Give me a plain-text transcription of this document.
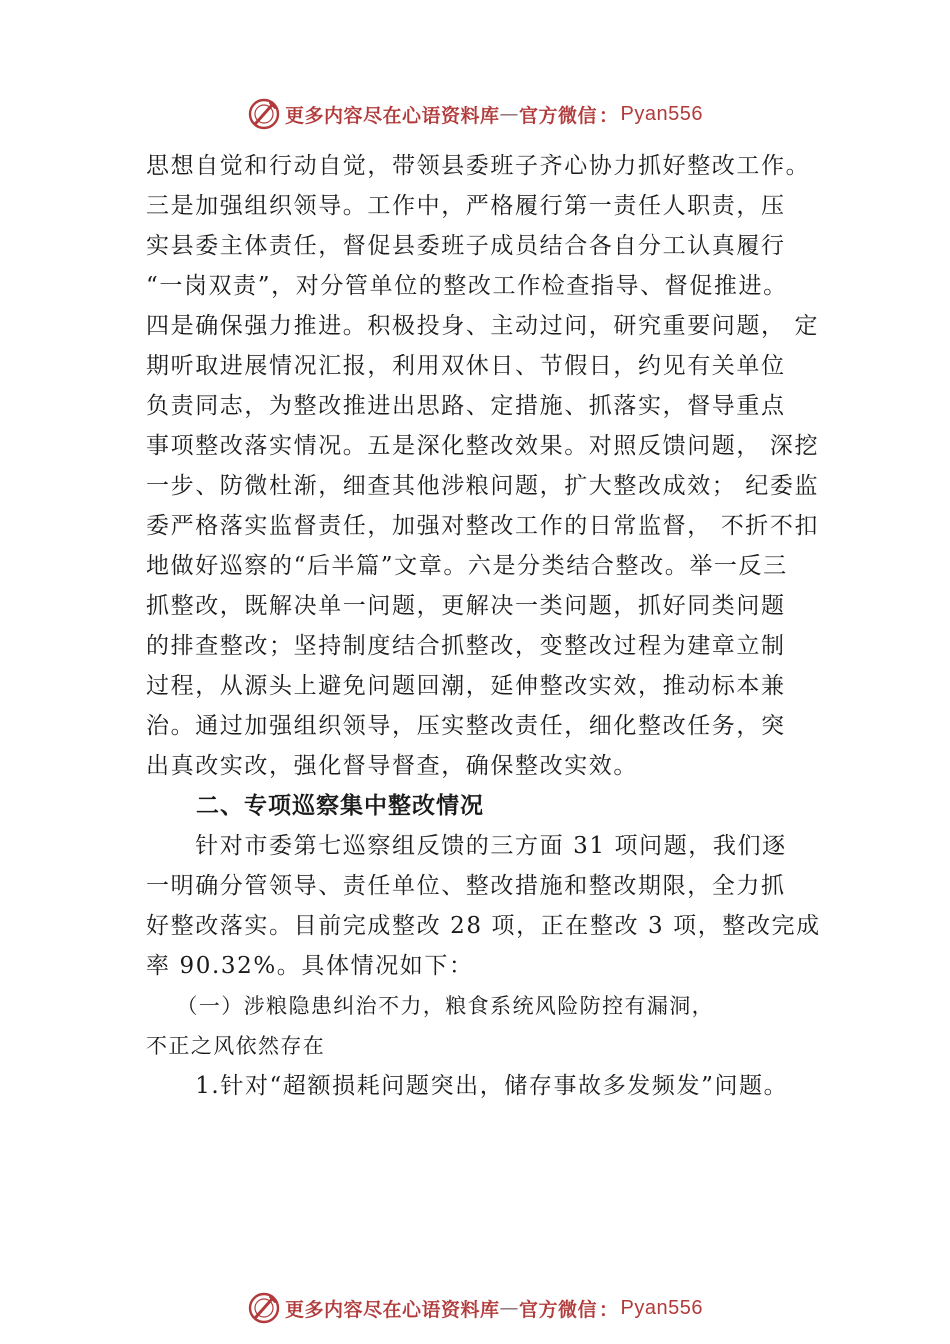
更多内容尽在心语资料库 — 官方微信 ： Pyan556
思想自觉和行动自觉，带领县委班子齐心协力抓好整改工作。
三是加强组织领导。工作中，严格履行第一责任人职责，压
实县委主体责任，督促县委班子成员结合各自分工认真履行
“一岗双责”，对分管单位的整改工作检查指导、督促推进。
四是确保强力推进。积极投身、主动过问，研究重要问题， 定
期听取进展情况汇报，利用双休日、节假日，约见有关单位
负责同志，为整改推进出思路、定措施、抓落实，督导重点
事项整改落实情况。五是深化整改效果。对照反馈问题， 深挖
一步、防微杜渐，细查其他涉粮问题，扩大整改成效； 纪委监
委严格落实监督责任，加强对整改工作的日常监督， 不折不扣
地做好巡察的“后半篇”文章。六是分类结合整改。举一反三
抓整改，既解决单一问题，更解决一类问题，抓好同类问题
的排查整改；坚持制度结合抓整改，变整改过程为建章立制
过程，从源头上避免问题回潮，延伸整改实效，推动标本兼
治。通过加强组织领导，压实整改责任，细化整改任务，突
出真改实改，强化督导督查，确保整改实效。
二、专项巡察集中整改情况
　　针对市委第七巡察组反馈的三方面 31 项问题，我们逐
一明确分管领导、责任单位、整改措施和整改期限，全力抓
好整改落实。目前完成整改 28 项，正在整改 3 项，整改完成
率 90.32%。具体情况如下：
　 （一）涉粮隐患纠治不力，粮食系统风险防控有漏洞，
不正之风依然存在
　　1.针对“超额损耗问题突出，储存事故多发频发”问题。
更多内容尽在心语资料库 — 官方微信 ： Pyan556
